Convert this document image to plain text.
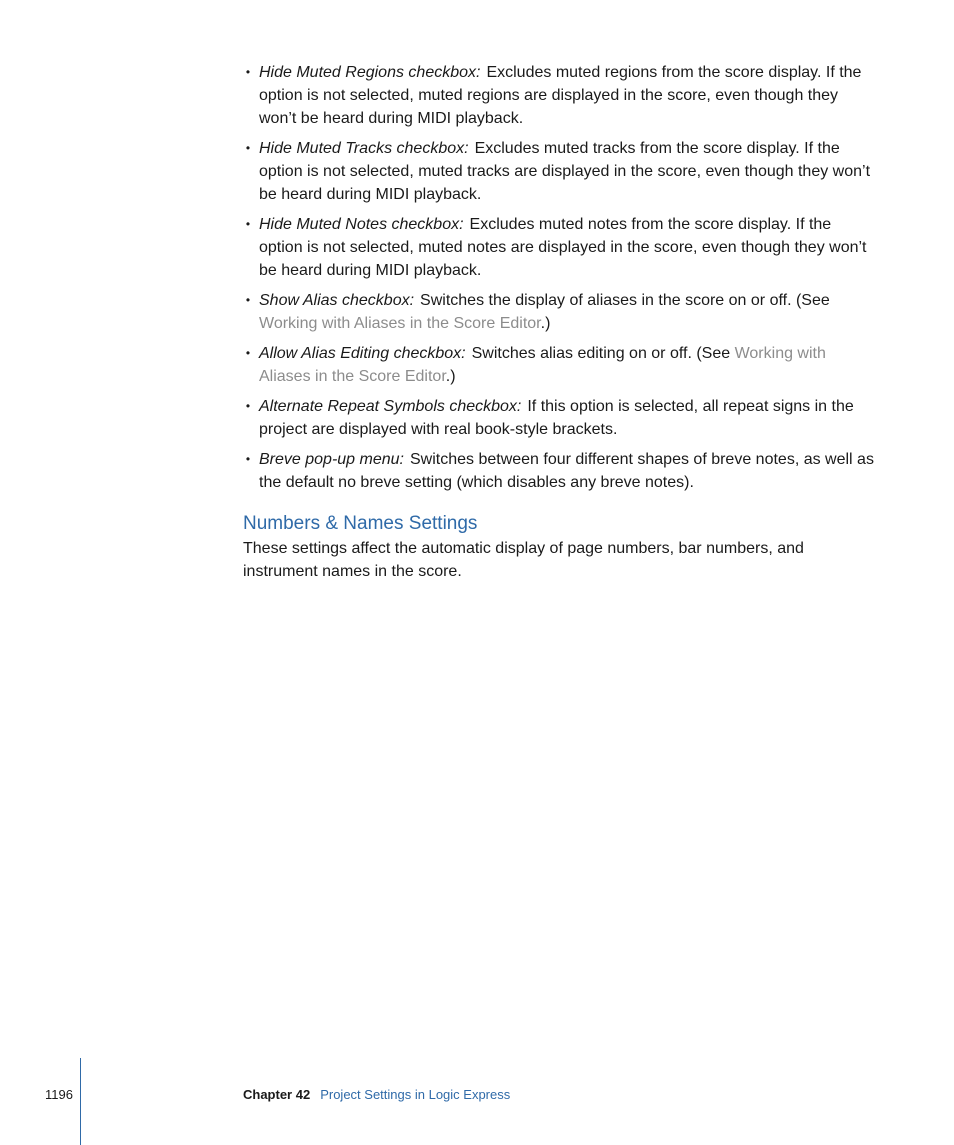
• Hide Muted Regions checkbox: Excludes muted regions from the score display. If the option is not selected, muted regions are displayed in the score, even though they won’t be heard during MIDI playback.
• Hide Muted Tracks checkbox: Excludes muted tracks from the score display. If the option is not selected, muted tracks are displayed in the score, even though they won’t be heard during MIDI playback.
• Hide Muted Notes checkbox: Excludes muted notes from the score display. If the option is not selected, muted notes are displayed in the score, even though they won’t be heard during MIDI playback.
• Show Alias checkbox: Switches the display of aliases in the score on or off. (See Working with Aliases in the Score Editor.)
• Allow Alias Editing checkbox: Switches alias editing on or off. (See Working with Aliases in the Score Editor.)
• Alternate Repeat Symbols checkbox: If this option is selected, all repeat signs in the project are displayed with real book-style brackets.
• Breve pop-up menu: Switches between four different shapes of breve notes, as well as the default no breve setting (which disables any breve notes).
Numbers & Names Settings

These settings affect the automatic display of page numbers, bar numbers, and instrument names in the score.

1196	Chapter 42 Project Settings in Logic Express
